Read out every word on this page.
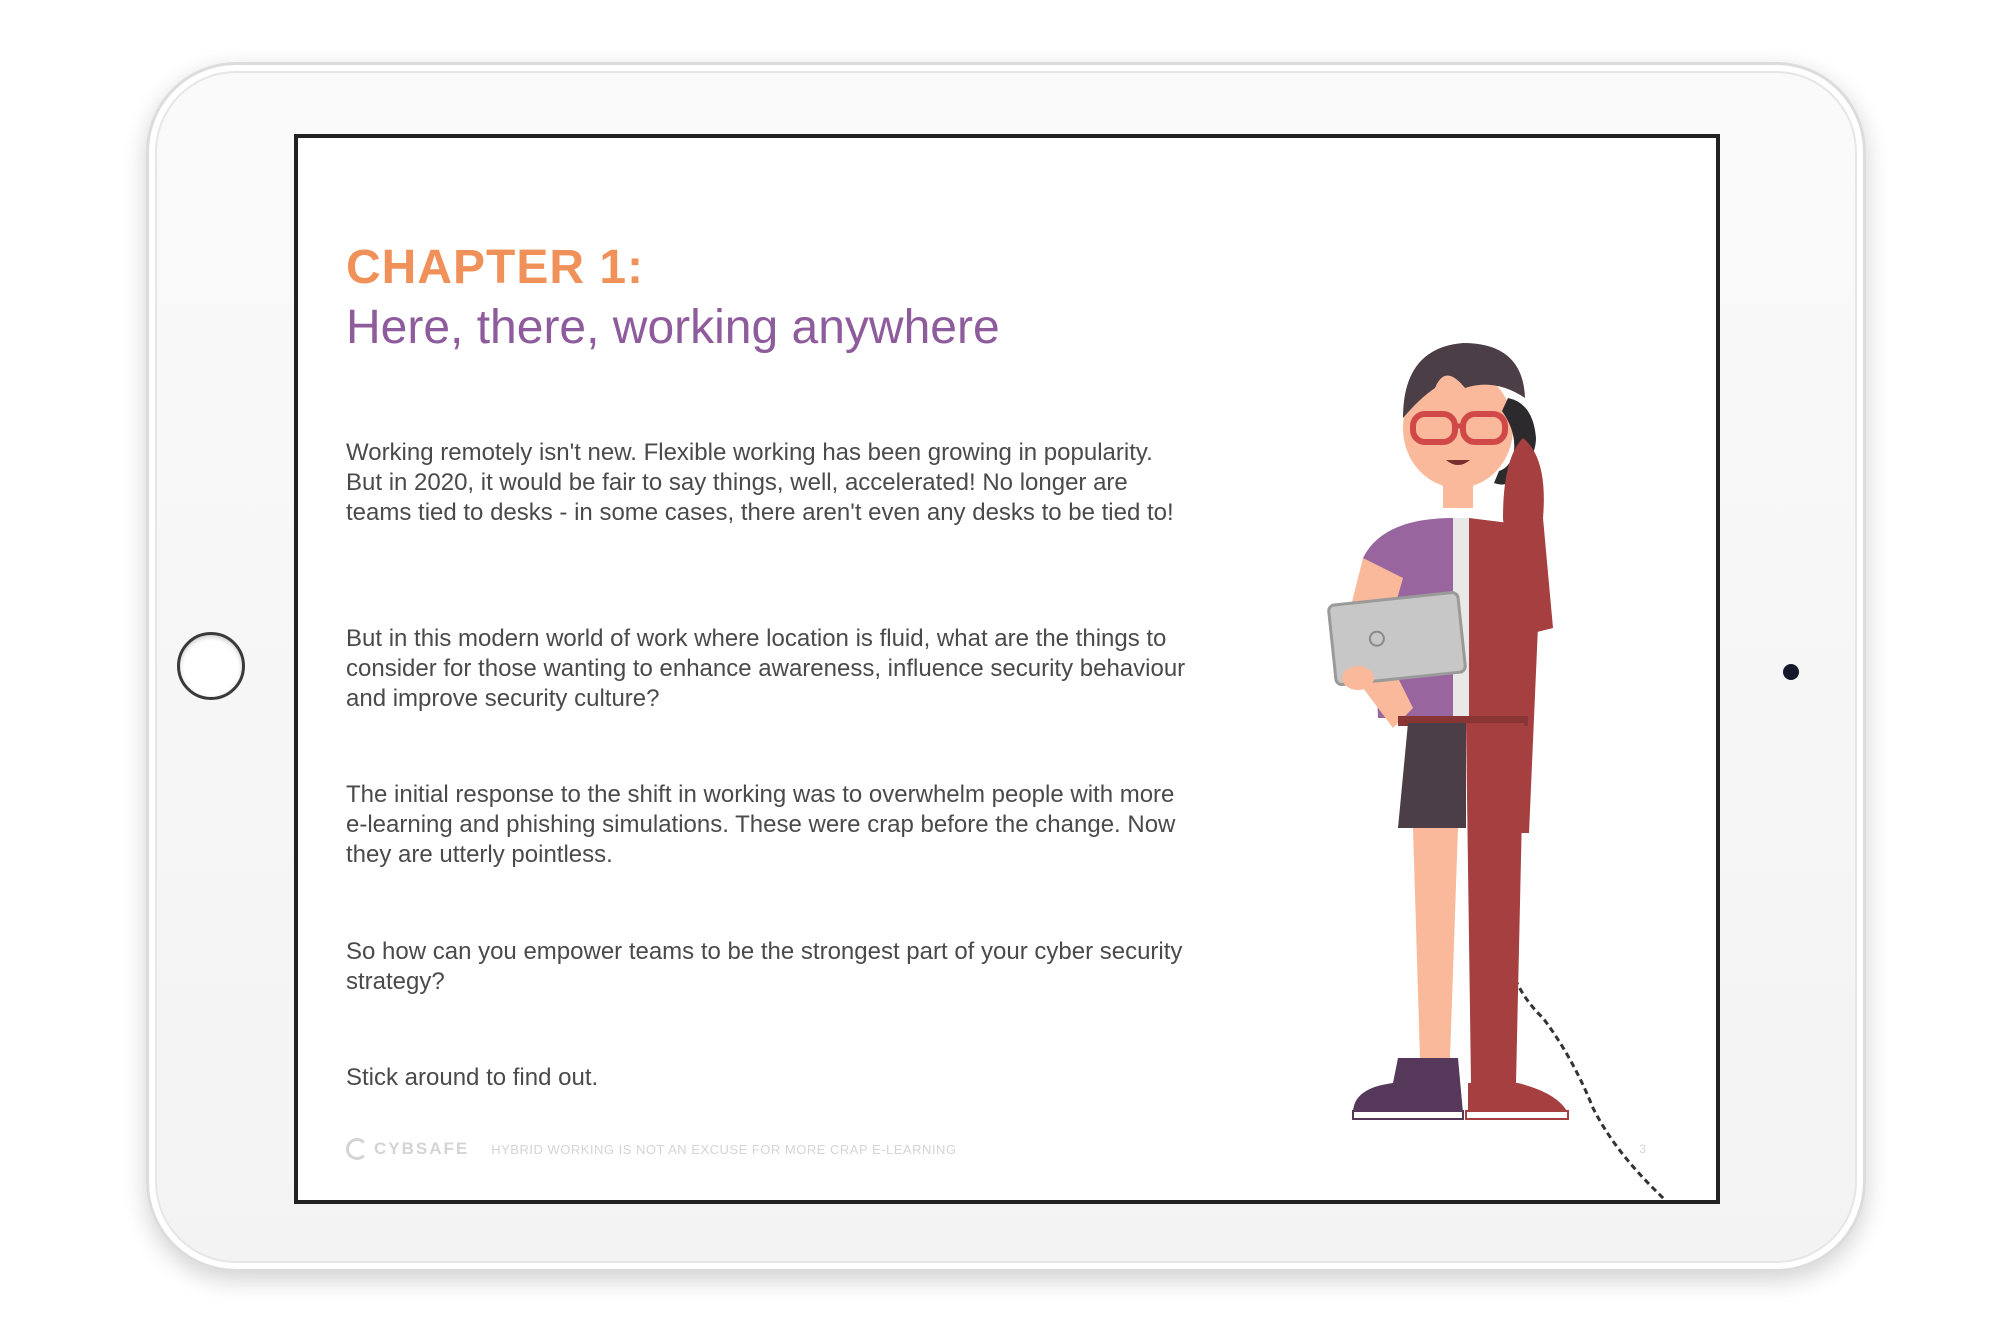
CHAPTER 1:
Here, there, working anywhere

Working remotely isn't new. Flexible working has been growing in popularity. But in 2020, it would be fair to say things, well, accelerated! No longer are teams tied to desks - in some cases, there aren't even any desks to be tied to!

But in this modern world of work where location is fluid, what are the things to consider for those wanting to enhance awareness, influence security behaviour and improve security culture?

The initial response to the shift in working was to overwhelm people with more e-learning and phishing simulations. These were crap before the change. Now they are utterly pointless.

So how can you empower teams to be the strongest part of your cyber security strategy?

Stick around to find out.

CYBSAFE HYBRID WORKING IS NOT AN EXCUSE FOR MORE CRAP E-LEARNING	3
